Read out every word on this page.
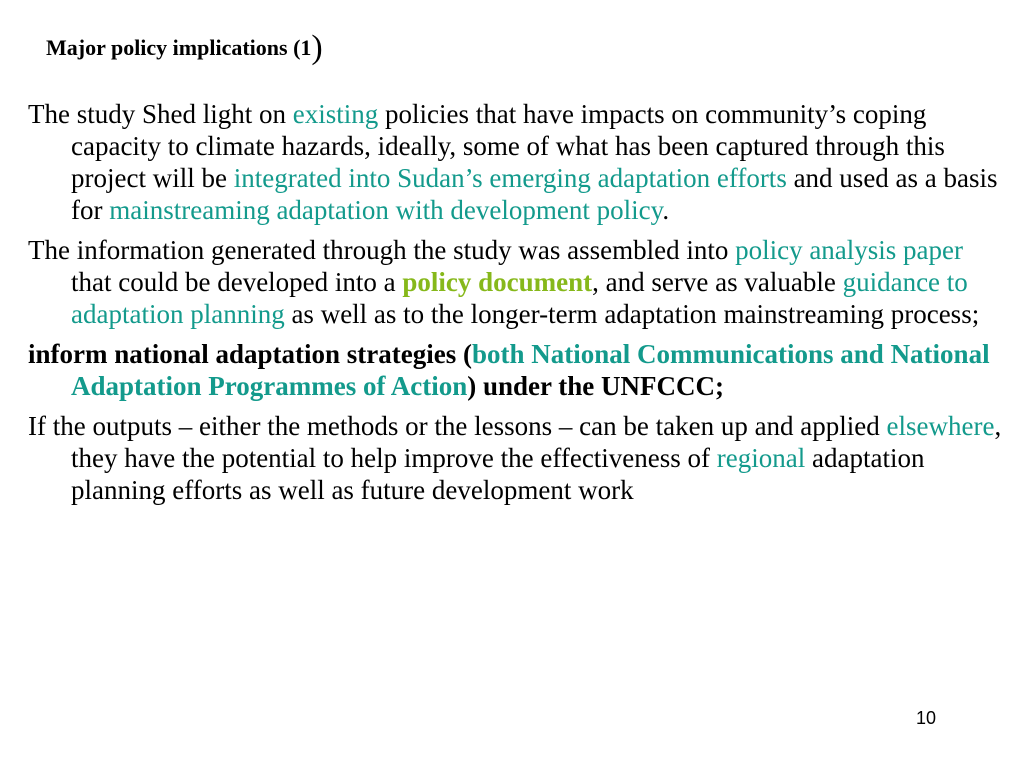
Major policy implications (1)

The study Shed light on existing policies that have impacts on community’s coping capacity to climate hazards, ideally, some of what has been captured through this project will be integrated into Sudan’s emerging adaptation efforts and used as a basis for mainstreaming adaptation with development policy.

The information generated through the study was assembled into policy analysis paper that could be developed into a policy document, and serve as valuable guidance to adaptation planning as well as to the longer-term adaptation mainstreaming process;

inform national adaptation strategies (both National Communications and National Adaptation Programmes of Action) under the UNFCCC;

If the outputs – either the methods or the lessons – can be taken up and applied elsewhere, they have the potential to help improve the effectiveness of regional adaptation planning efforts as well as future development work

10
